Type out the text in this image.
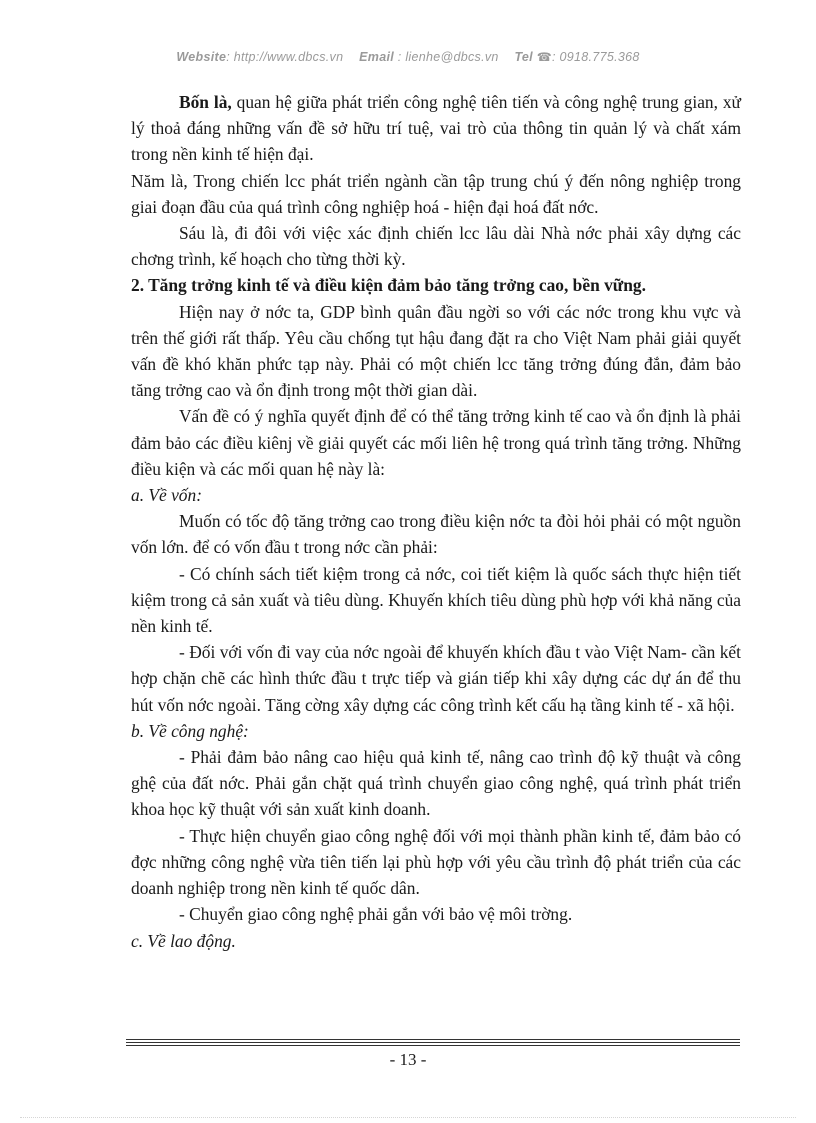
Website: http://www.dbcs.vn Email : lienhe@dbcs.vn Tel ☎: 0918.775.368

Bốn là, quan hệ giữa phát triển công nghệ tiên tiến và công nghệ trung gian, xử lý thoả đáng những vấn đề sở hữu trí tuệ, vai trò của thông tin quản lý và chất xám trong nền kinh tế hiện đại.

Năm là, Trong chiến lcc phát triển ngành cần tập trung chú ý đến nông nghiệp trong giai đoạn đầu của quá trình công nghiệp hoá - hiện đại hoá đất nớc.

Sáu là, đi đôi với việc xác định chiến lcc lâu dài Nhà nớc phải xây dựng các chơng trình, kế hoạch cho từng thời kỳ.

2. Tăng trởng kinh tế và điều kiện đảm bảo tăng trởng cao, bền vững.

Hiện nay ở nớc ta, GDP bình quân đầu ngời so với các nớc trong khu vực và trên thế giới rất thấp. Yêu cầu chống tụt hậu đang đặt ra cho Việt Nam phải giải quyết vấn đề khó khăn phức tạp này. Phải có một chiến lcc tăng trởng đúng đắn, đảm bảo tăng trởng cao và ổn định trong một thời gian dài.

Vấn đề có ý nghĩa quyết định để có thể tăng trởng kinh tế cao và ổn định là phải đảm bảo các điều kiênj về giải quyết các mối liên hệ trong quá trình tăng trởng. Những điều kiện và các mối quan hệ này là:

a. Về vốn:

Muốn có tốc độ tăng trởng cao trong điều kiện nớc ta đòi hỏi phải có một nguồn vốn lớn. để có vốn đầu t trong nớc cần phải:

- Có chính sách tiết kiệm trong cả nớc, coi tiết kiệm là quốc sách thực hiện tiết kiệm trong cả sản xuất và tiêu dùng. Khuyến khích tiêu dùng phù hợp với khả năng của nền kinh tế.

- Đối với vốn đi vay của nớc ngoài để khuyến khích đầu t vào Việt Nam- cần kết hợp chặn chẽ các hình thức đầu t trực tiếp và gián tiếp khi xây dựng các dự án để thu hút vốn nớc ngoài. Tăng cờng xây dựng các công trình kết cấu hạ tầng kinh tế - xã hội.

b. Về công nghệ:

- Phải đảm bảo nâng cao hiệu quả kinh tế, nâng cao trình độ kỹ thuật và công ghệ của đất nớc. Phải gắn chặt quá trình chuyển giao công nghệ, quá trình phát triển khoa học kỹ thuật với sản xuất kinh doanh.

- Thực hiện chuyển giao công nghệ đối với mọi thành phần kinh tế, đảm bảo có đợc những công nghệ vừa tiên tiến lại phù hợp với yêu cầu trình độ phát triển của các doanh nghiệp trong nền kinh tế quốc dân.

- Chuyển giao công nghệ phải gắn với bảo vệ môi trờng.

c. Về lao động.

- 13 -
